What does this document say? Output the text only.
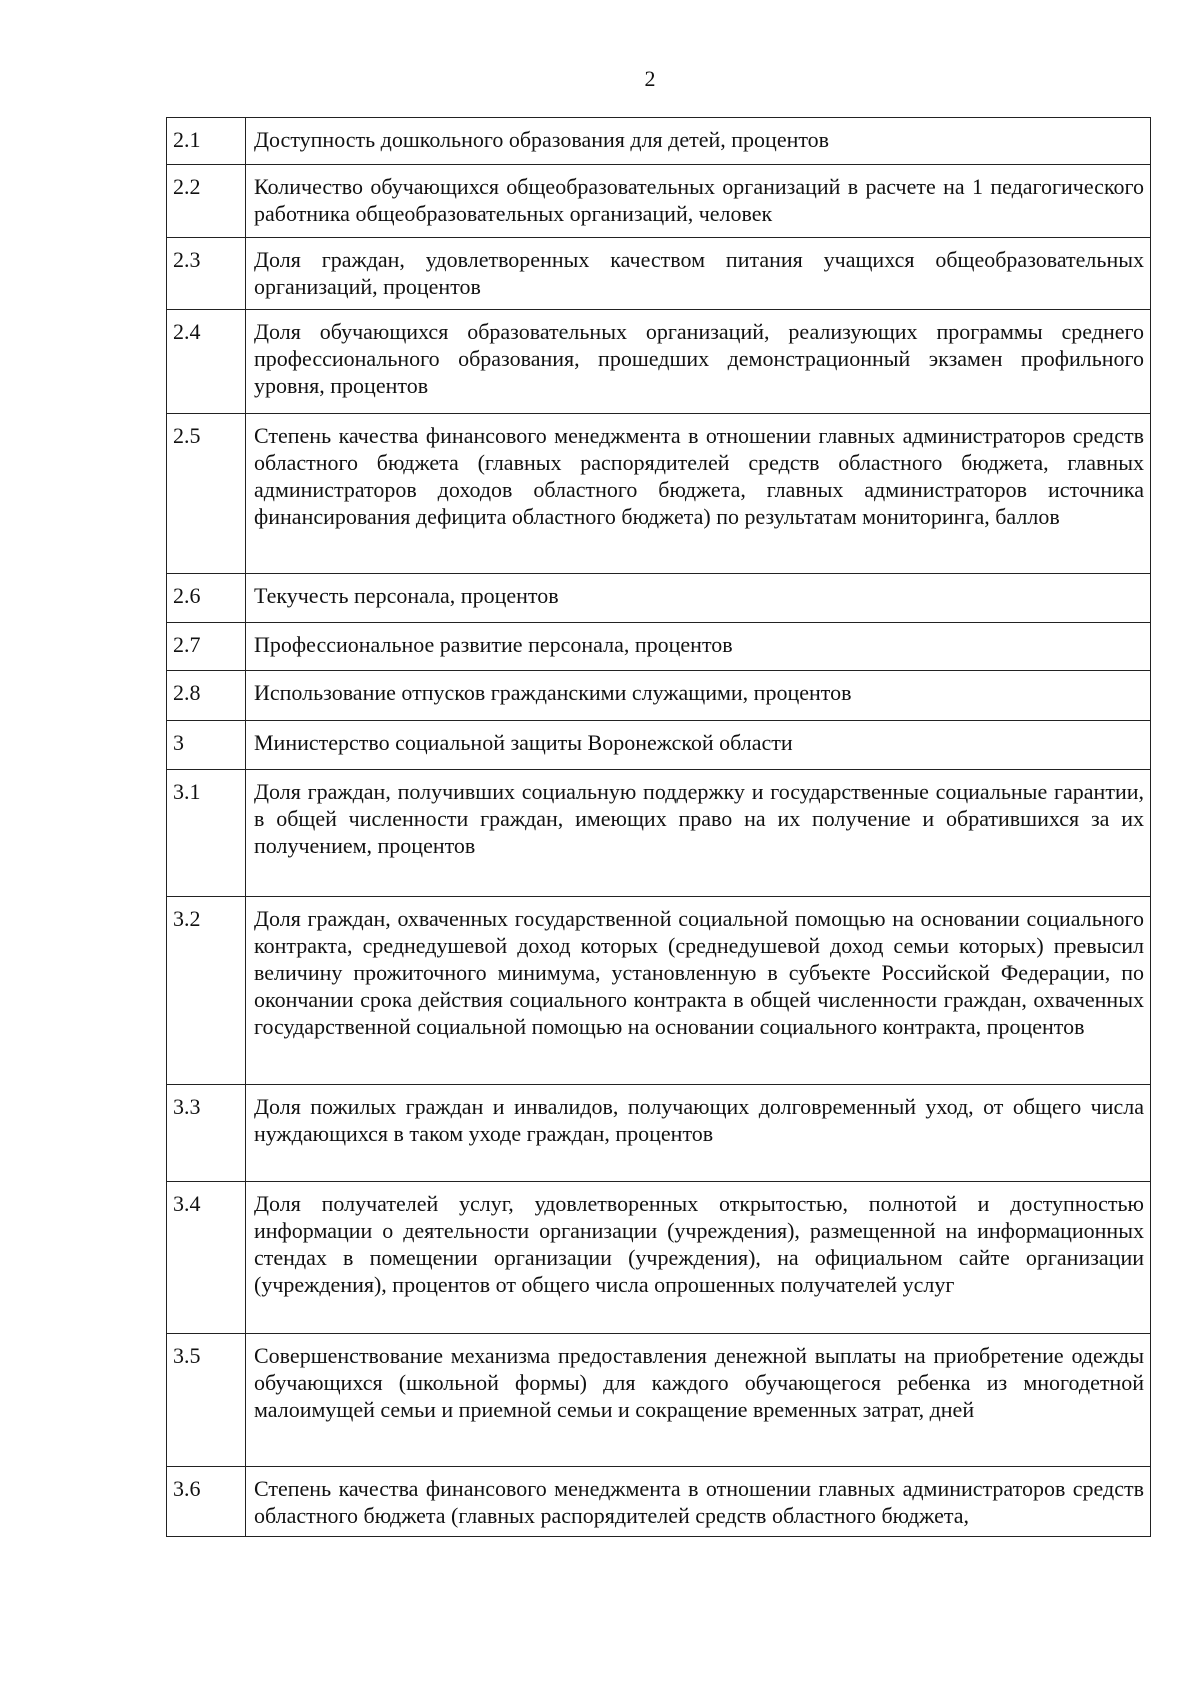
2
2.1	Доступность дошкольного образования для детей, процентов
2.2	Количество обучающихся общеобразовательных организаций в расчете на 1 педагогического работника общеобразовательных организаций, человек
2.3	Доля граждан, удовлетворенных качеством питания учащихся общеобразовательных организаций, процентов
2.4	Доля обучающихся образовательных организаций, реализующих программы среднего профессионального образования, прошедших демонстрационный экзамен профильного уровня, процентов
2.5	Степень качества финансового менеджмента в отношении главных администраторов средств областного бюджета (главных распорядителей средств областного бюджета, главных администраторов доходов областного бюджета, главных администраторов источника финансирования дефицита областного бюджета) по результатам мониторинга, баллов
2.6	Текучесть персонала, процентов
2.7	Профессиональное развитие персонала, процентов
2.8	Использование отпусков гражданскими служащими, процентов
3	Министерство социальной защиты Воронежской области
3.1	Доля граждан, получивших социальную поддержку и государственные социальные гарантии, в общей численности граждан, имеющих право на их получение и обратившихся за их получением, процентов
3.2	Доля граждан, охваченных государственной социальной помощью на основании социального контракта, среднедушевой доход которых (среднедушевой доход семьи которых) превысил величину прожиточного минимума, установленную в субъекте Российской Федерации, по окончании срока действия социального контракта в общей численности граждан, охваченных государственной социальной помощью на основании социального контракта, процентов
3.3	Доля пожилых граждан и инвалидов, получающих долговременный уход, от общего числа нуждающихся в таком уходе граждан, процентов
3.4	Доля получателей услуг, удовлетворенных открытостью, полнотой и доступностью информации о деятельности организации (учреждения), размещенной на информационных стендах в помещении организации (учреждения), на официальном сайте организации (учреждения), процентов от общего числа опрошенных получателей услуг
3.5	Совершенствование механизма предоставления денежной выплаты на приобретение одежды обучающихся (школьной формы) для каждого обучающегося ребенка из многодетной малоимущей семьи и приемной семьи и сокращение временных затрат, дней
3.6	Степень качества финансового менеджмента в отношении главных администраторов средств областного бюджета (главных распорядителей средств областного бюджета,
